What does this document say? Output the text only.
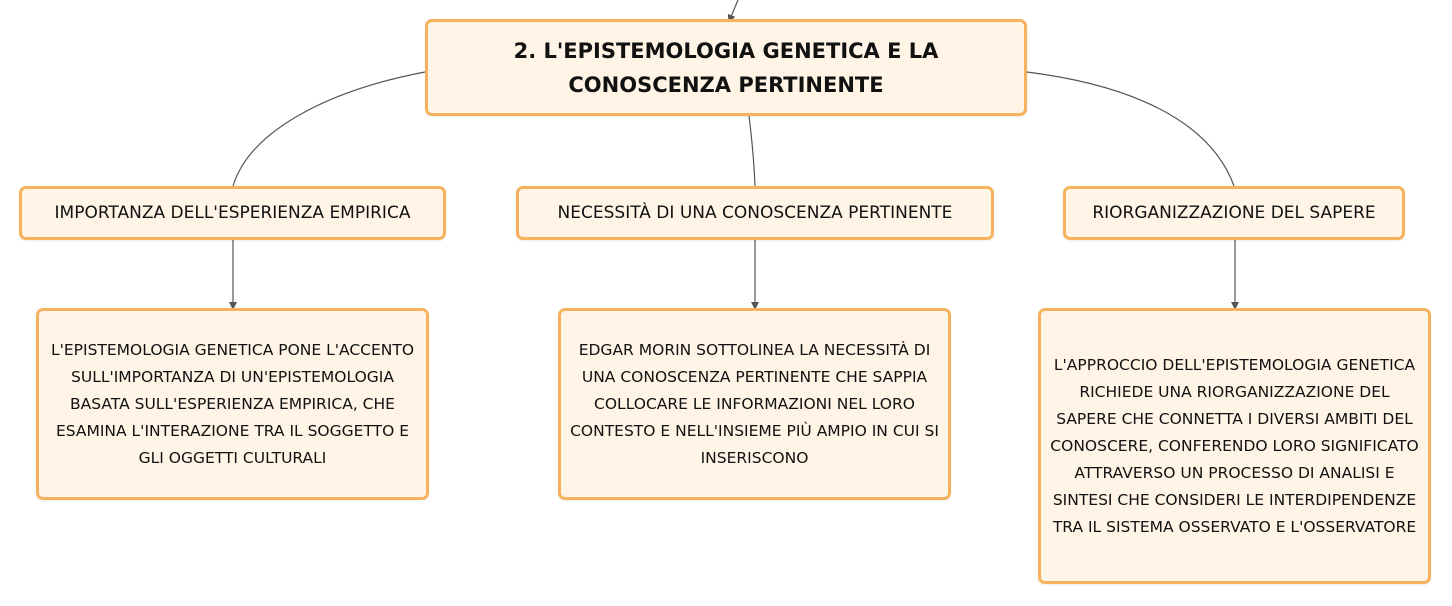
2. L'EPISTEMOLOGIA GENETICA E LA CONOSCENZA PERTINENTE
IMPORTANZA DELL'ESPERIENZA EMPIRICA	NECESSITÀ DI UNA CONOSCENZA PERTINENTE	RIORGANIZZAZIONE DEL SAPERE
L'EPISTEMOLOGIA GENETICA PONE L'ACCENTO SULL'IMPORTANZA DI UN'EPISTEMOLOGIA BASATA SULL'ESPERIENZA EMPIRICA, CHE ESAMINA L'INTERAZIONE TRA IL SOGGETTO E GLI OGGETTI CULTURALI
EDGAR MORIN SOTTOLINEA LA NECESSITÀ DI UNA CONOSCENZA PERTINENTE CHE SAPPIA COLLOCARE LE INFORMAZIONI NEL LORO CONTESTO E NELL'INSIEME PIÙ AMPIO IN CUI SI INSERISCONO
L'APPROCCIO DELL'EPISTEMOLOGIA GENETICA RICHIEDE UNA RIORGANIZZAZIONE DEL SAPERE CHE CONNETTA I DIVERSI AMBITI DEL CONOSCERE, CONFERENDO LORO SIGNIFICATO ATTRAVERSO UN PROCESSO DI ANALISI E SINTESI CHE CONSIDERI LE INTERDIPENDENZE TRA IL SISTEMA OSSERVATO E L'OSSERVATORE
